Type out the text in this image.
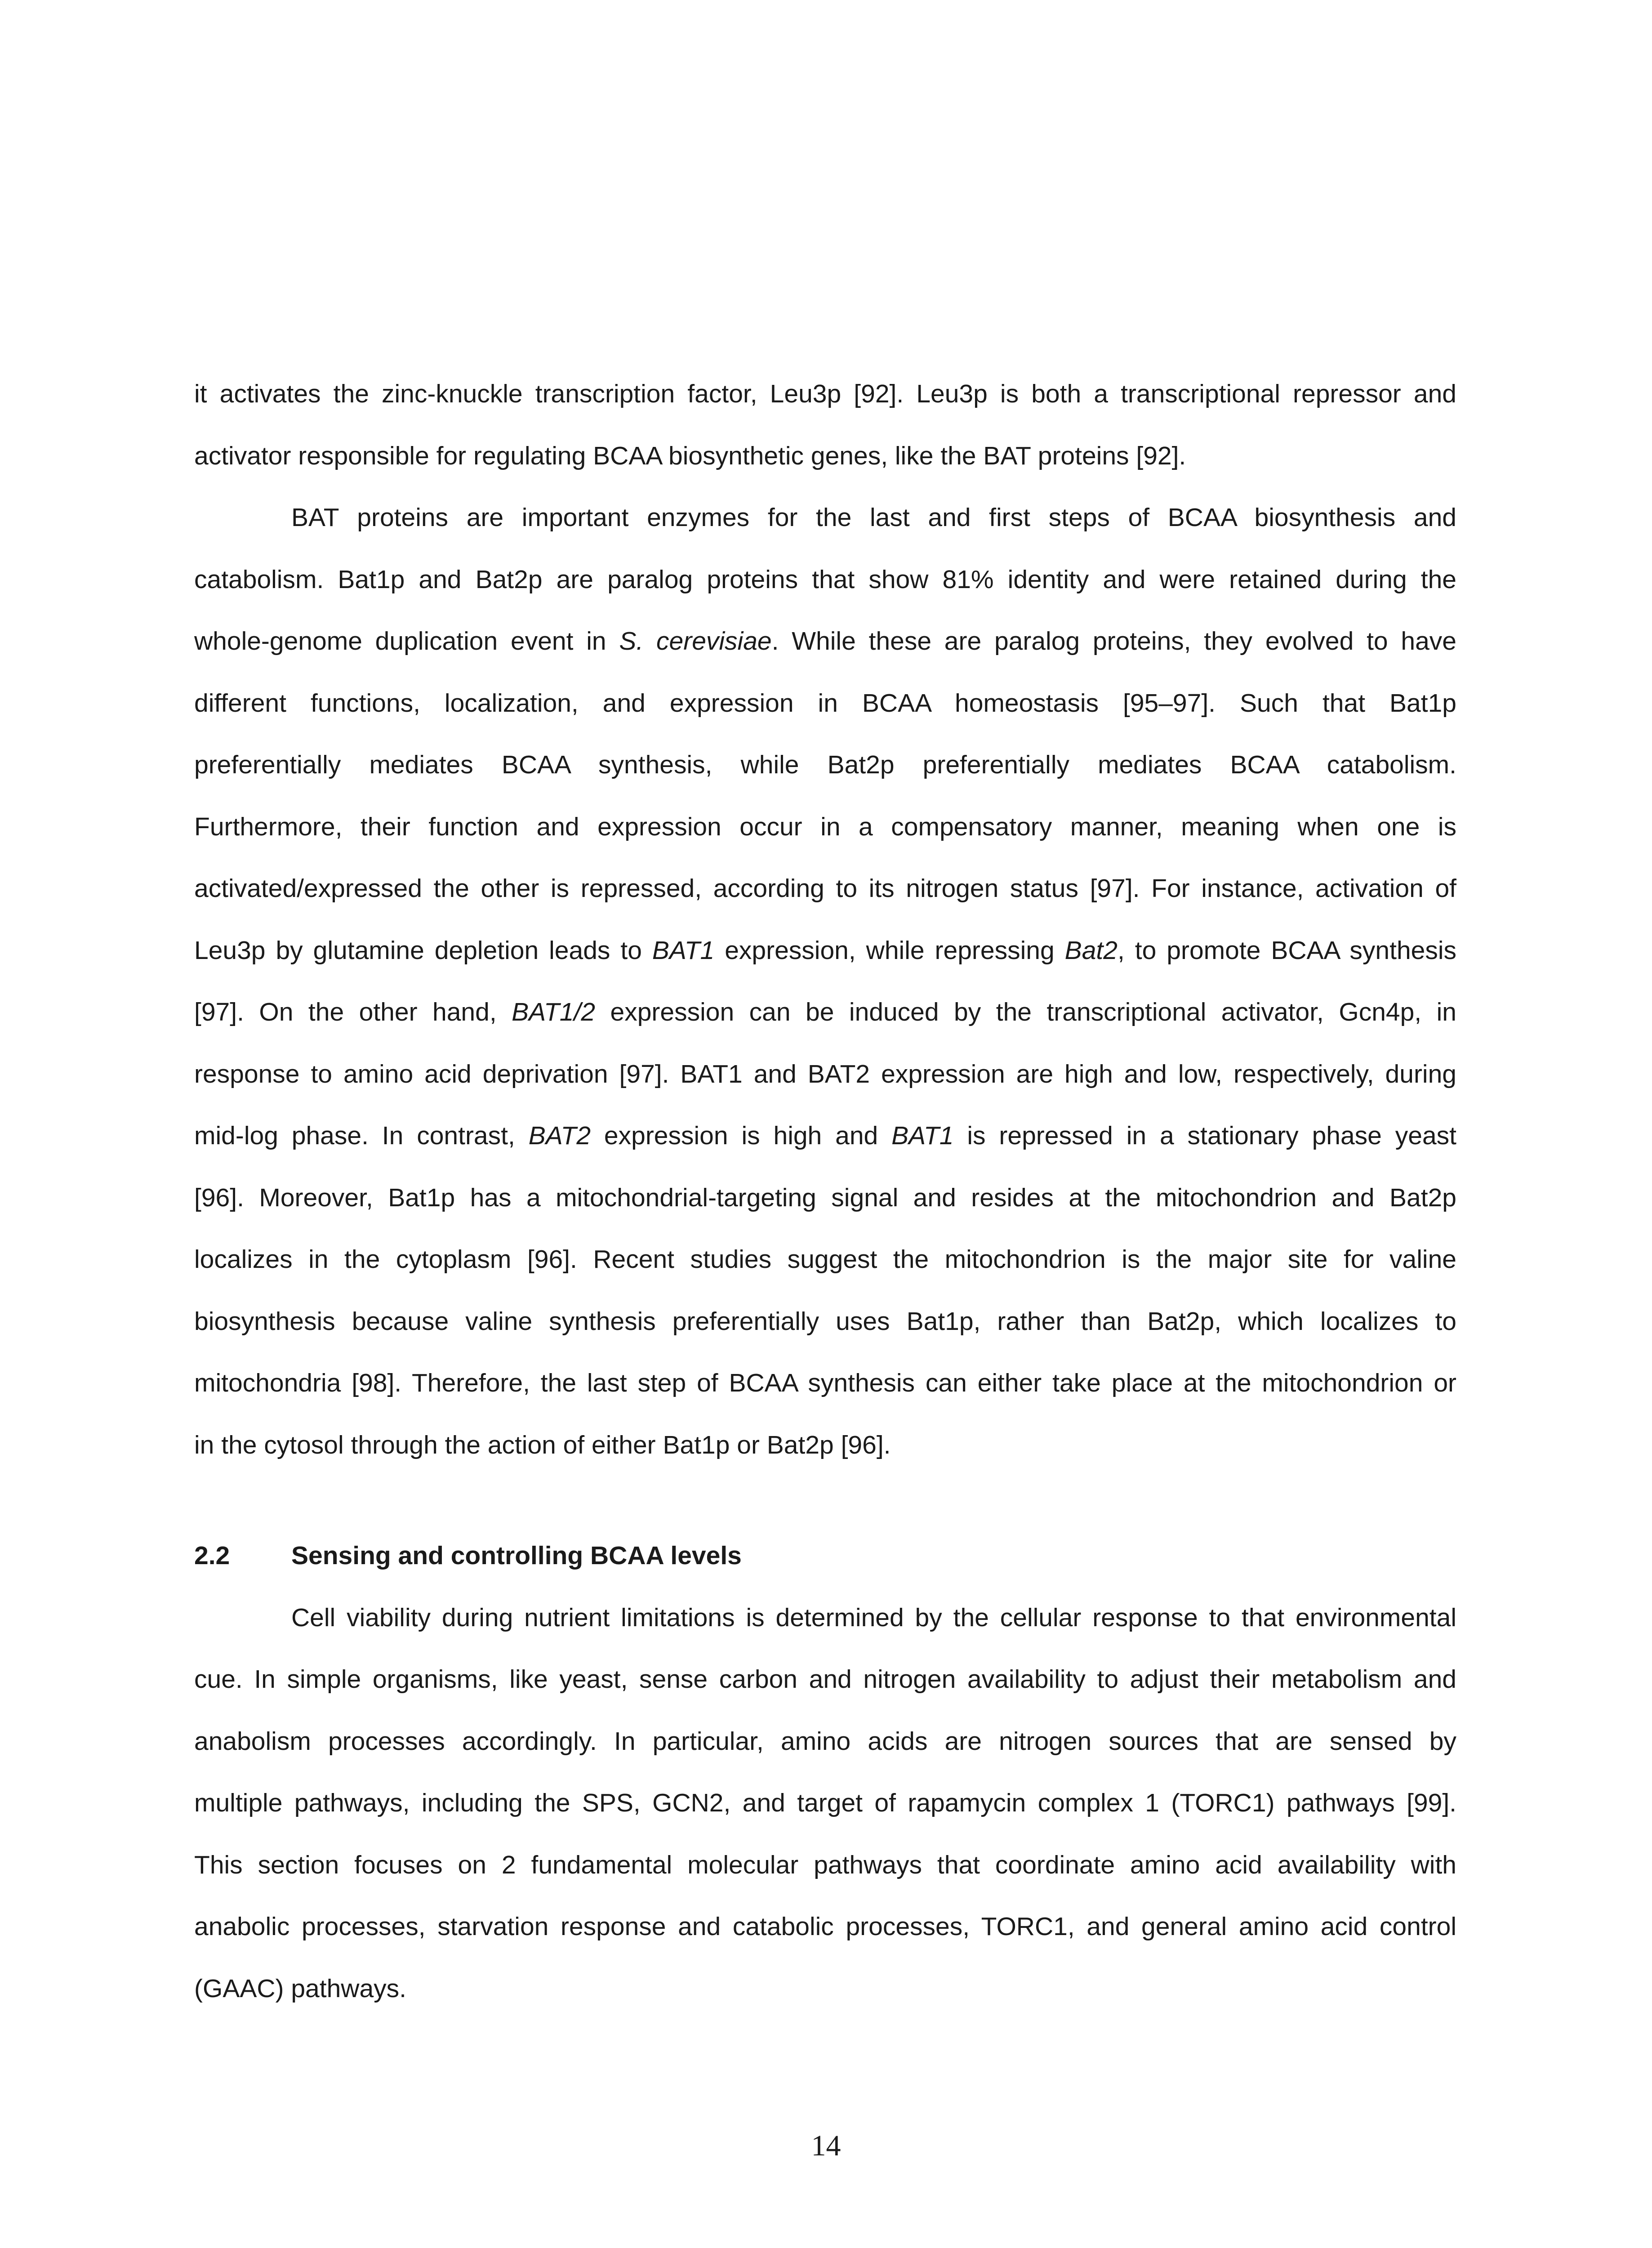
it activates the zinc-knuckle transcription factor, Leu3p [92]. Leu3p is both a transcriptional repressor and
activator responsible for regulating BCAA biosynthetic genes, like the BAT proteins [92].
BAT proteins are important enzymes for the last and first steps of BCAA biosynthesis and
catabolism. Bat1p and Bat2p are paralog proteins that show 81% identity and were retained during the
whole-genome duplication event in S. cerevisiae. While these are paralog proteins, they evolved to have
different functions, localization, and expression in BCAA homeostasis [95–97]. Such that Bat1p
preferentially mediates BCAA synthesis, while Bat2p preferentially mediates BCAA catabolism.
Furthermore, their function and expression occur in a compensatory manner, meaning when one is
activated/expressed the other is repressed, according to its nitrogen status [97]. For instance, activation of
Leu3p by glutamine depletion leads to BAT1 expression, while repressing Bat2, to promote BCAA synthesis
[97]. On the other hand, BAT1/2 expression can be induced by the transcriptional activator, Gcn4p, in
response to amino acid deprivation [97]. BAT1 and BAT2 expression are high and low, respectively, during
mid-log phase. In contrast, BAT2 expression is high and BAT1 is repressed in a stationary phase yeast
[96]. Moreover, Bat1p has a mitochondrial-targeting signal and resides at the mitochondrion and Bat2p
localizes in the cytoplasm [96]. Recent studies suggest the mitochondrion is the major site for valine
biosynthesis because valine synthesis preferentially uses Bat1p, rather than Bat2p, which localizes to
mitochondria [98]. Therefore, the last step of BCAA synthesis can either take place at the mitochondrion or
in the cytosol through the action of either Bat1p or Bat2p [96].
2.2 Sensing and controlling BCAA levels
Cell viability during nutrient limitations is determined by the cellular response to that environmental
cue. In simple organisms, like yeast, sense carbon and nitrogen availability to adjust their metabolism and
anabolism processes accordingly. In particular, amino acids are nitrogen sources that are sensed by
multiple pathways, including the SPS, GCN2, and target of rapamycin complex 1 (TORC1) pathways [99].
This section focuses on 2 fundamental molecular pathways that coordinate amino acid availability with
anabolic processes, starvation response and catabolic processes, TORC1, and general amino acid control
(GAAC) pathways.
14
